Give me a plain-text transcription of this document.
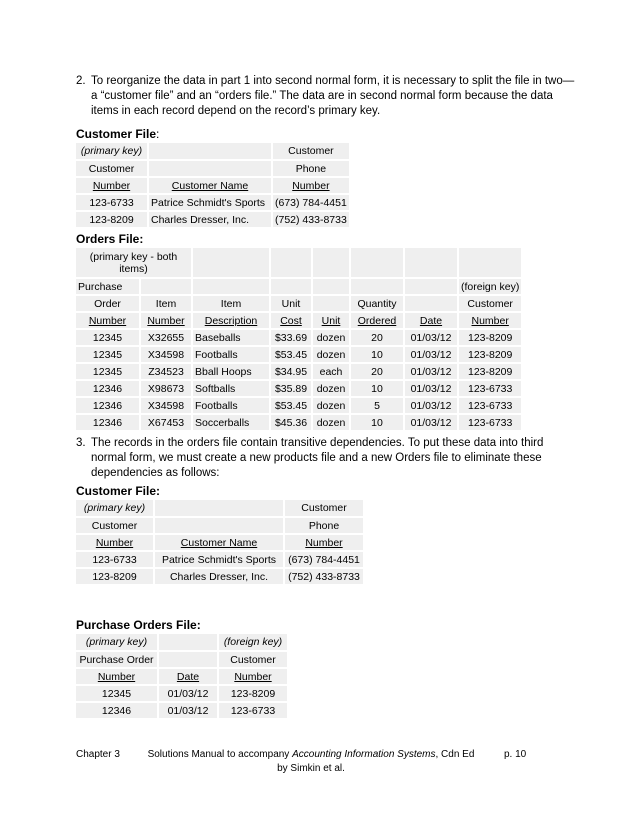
2. To reorganize the data in part 1 into second normal form, it is necessary to split the file in two—a “customer file” and an “orders file.” The data are in second normal form because the data items in each record depend on the record’s primary key.
Customer File:
(primary key)		Customer
Customer		Phone
Number	Customer Name	Number
123-6733	Patrice Schmidt's Sports	(673) 784-4451
123-8209	Charles Dresser, Inc.	(752) 433-8733
Orders File:
(primary key - both items)							
Purchase							(foreign key)
Order	Item	Item	Unit		Quantity		Customer
Number	Number	Description	Cost	Unit	Ordered	Date	Number
12345	X32655	Baseballs	$33.69	dozen	20	01/03/12	123-8209
12345	X34598	Footballs	$53.45	dozen	10	01/03/12	123-8209
12345	Z34523	Bball Hoops	$34.95	each	20	01/03/12	123-8209
12346	X98673	Softballs	$35.89	dozen	10	01/03/12	123-6733
12346	X34598	Footballs	$53.45	dozen	5	01/03/12	123-6733
12346	X67453	Soccerballs	$45.36	dozen	10	01/03/12	123-6733
3. The records in the orders file contain transitive dependencies. To put these data into third normal form, we must create a new products file and a new Orders file to eliminate these dependencies as follows:
Customer File:
(primary key)		Customer
Customer		Phone
Number	Customer Name	Number
123-6733	Patrice Schmidt's Sports	(673) 784-4451
123-8209	Charles Dresser, Inc.	(752) 433-8733
Purchase Orders File:
(primary key)		(foreign key)
Purchase Order		Customer
Number	Date	Number
12345	01/03/12	123-8209
12346	01/03/12	123-6733
Chapter 3	Solutions Manual to accompany Accounting Information Systems, Cdn Ed
by Simkin et al.
p. 10
